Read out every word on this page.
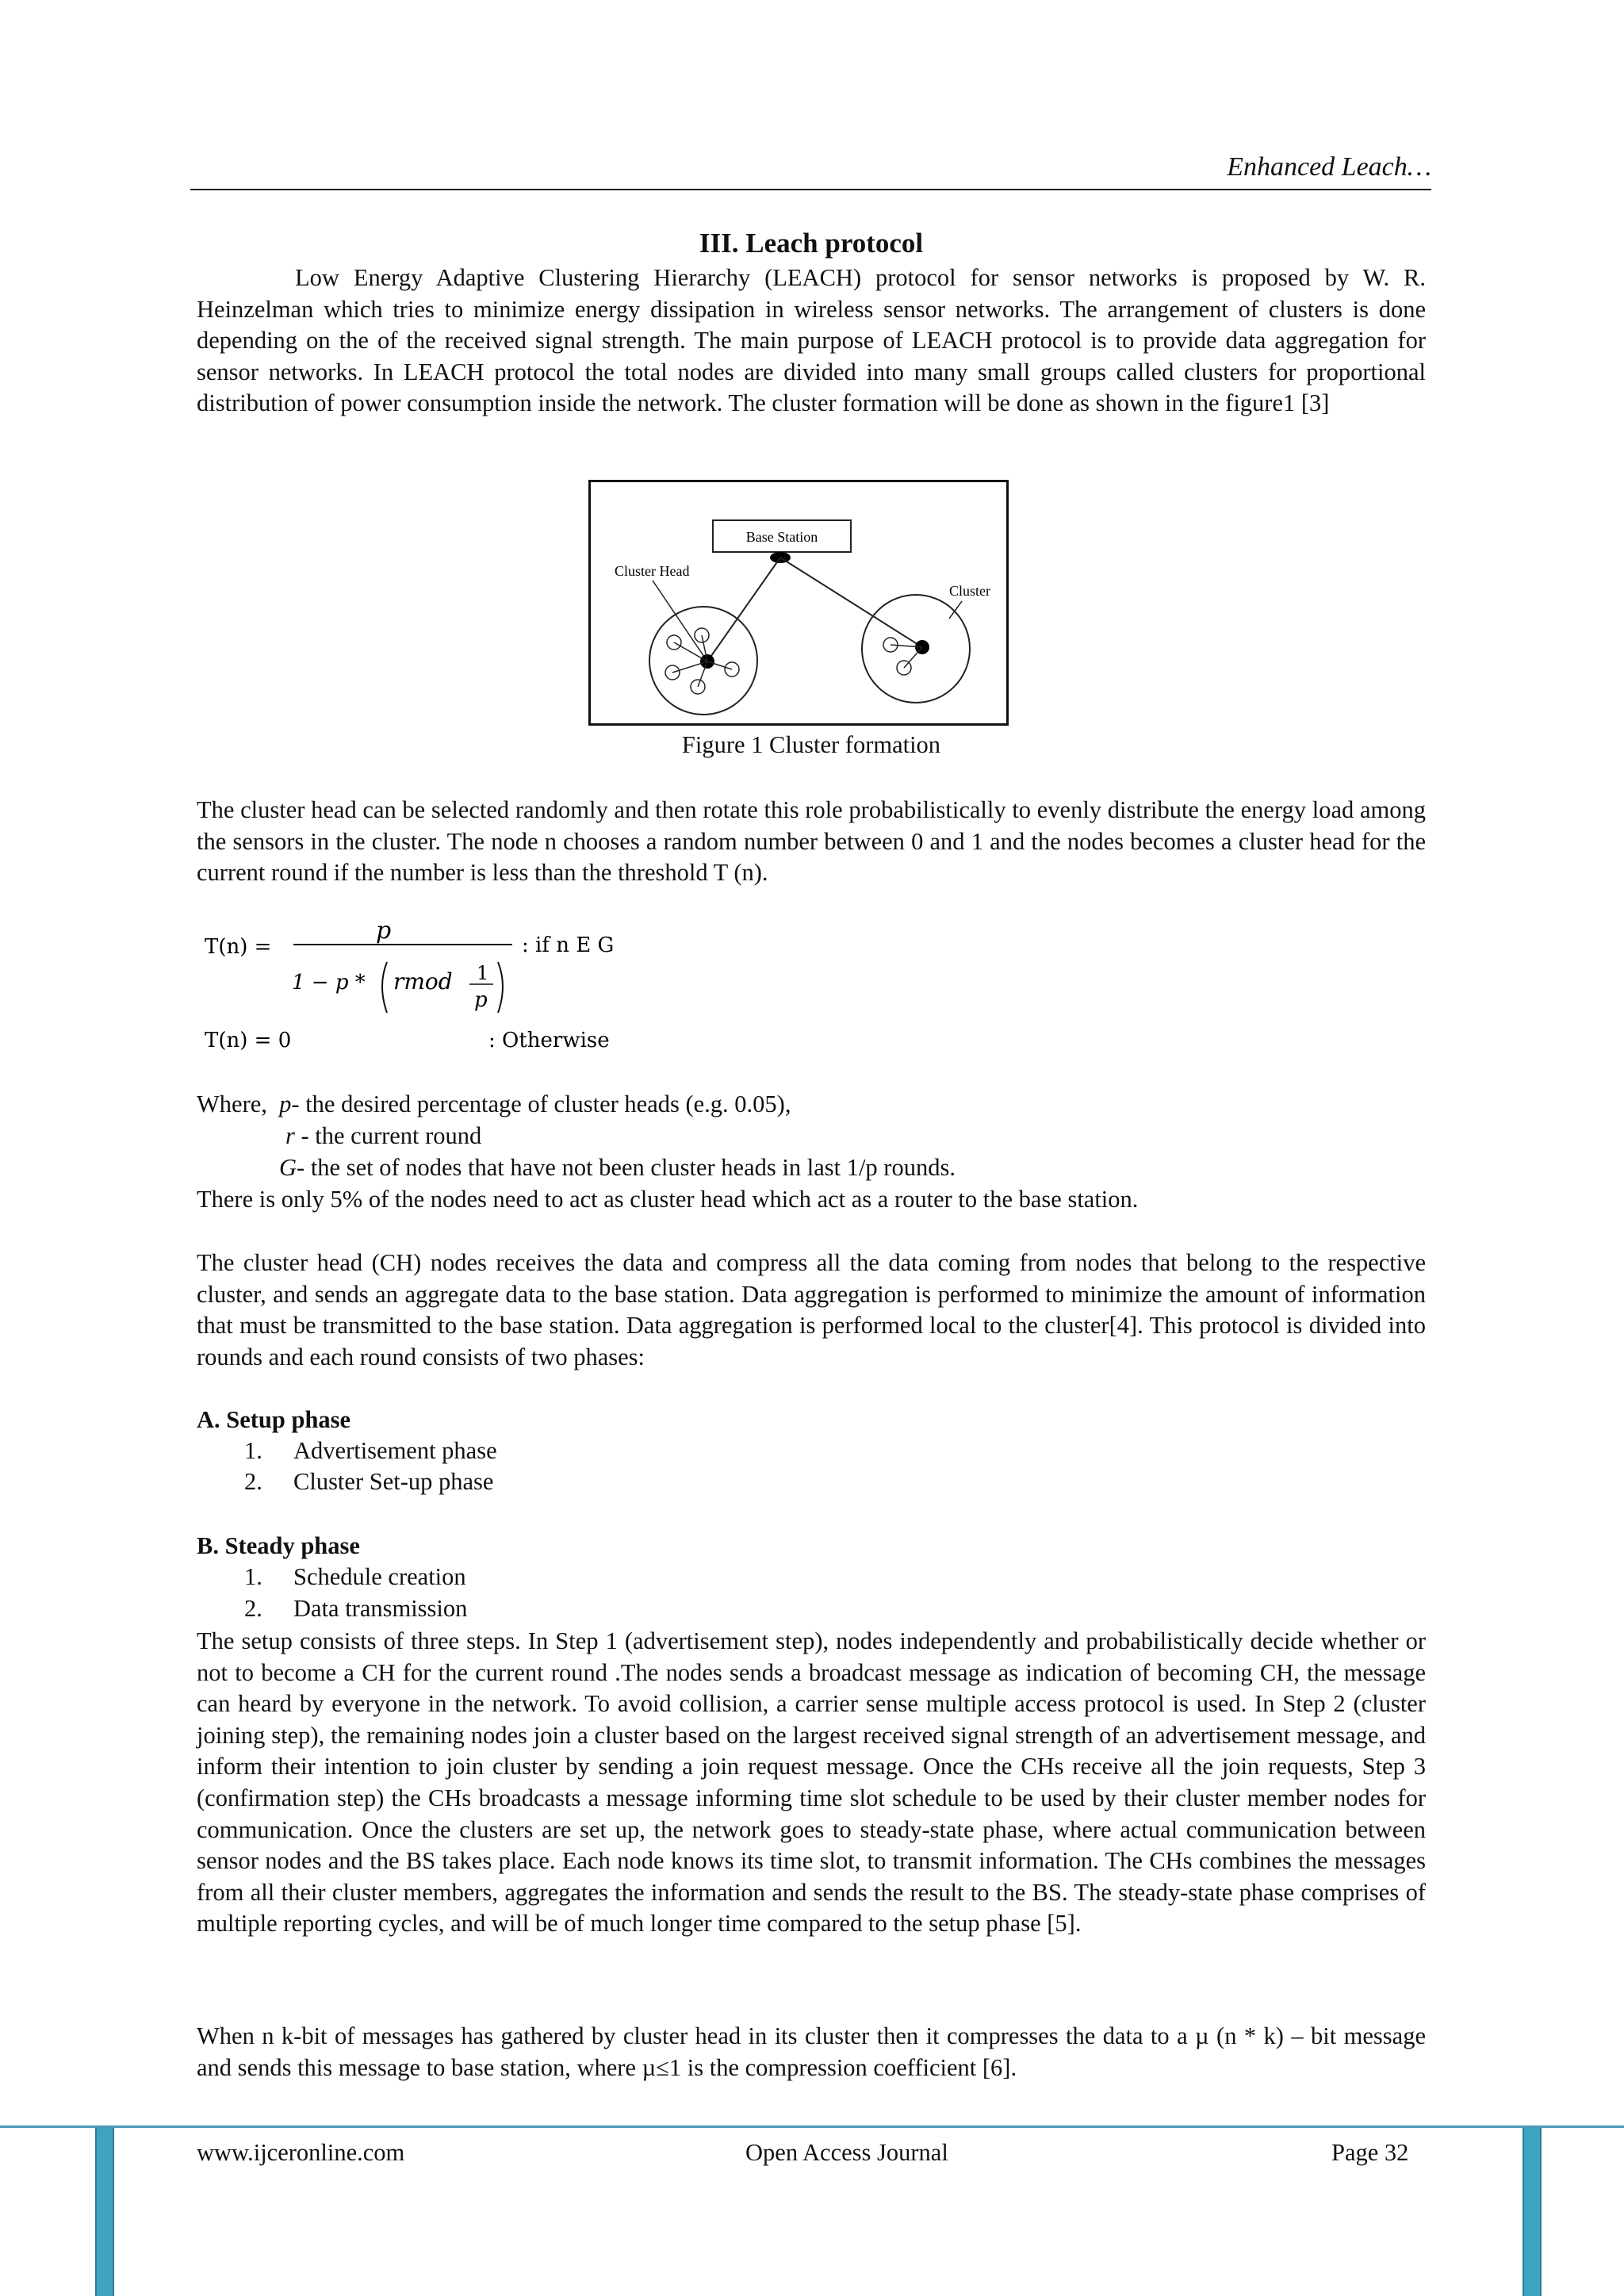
Enhanced Leach…
III. Leach protocol
Low Energy Adaptive Clustering Hierarchy (LEACH) protocol for sensor networks is proposed by W. R. Heinzelman which tries to minimize energy dissipation in wireless sensor networks. The arrangement of clusters is done depending on the of the received signal strength. The main purpose of LEACH protocol is to provide data aggregation for sensor networks. In LEACH protocol the total nodes are divided into many small groups called clusters for proportional distribution of power consumption inside the network. The cluster formation will be done as shown in the figure1 [3]
Base Station
Cluster Head
Cluster
Figure 1 Cluster formation
The cluster head can be selected randomly and then rotate this role probabilistically to evenly distribute the energy load among the sensors in the cluster. The node n chooses a random number between 0 and 1 and the nodes becomes a cluster head for the current round if the number is less than the threshold T (n).
T(n) =
p
1 − p * rmod 1
p
: if n E G
T(n) = 0	: Otherwise
Where, p- the desired percentage of cluster heads (e.g. 0.05),
r - the current round
G- the set of nodes that have not been cluster heads in last 1/p rounds.
There is only 5% of the nodes need to act as cluster head which act as a router to the base station.
The cluster head (CH) nodes receives the data and compress all the data coming from nodes that belong to the respective cluster, and sends an aggregate data to the base station. Data aggregation is performed to minimize the amount of information that must be transmitted to the base station. Data aggregation is performed local to the cluster[4]. This protocol is divided into rounds and each round consists of two phases:
A. Setup phase
1. Advertisement phase
2. Cluster Set-up phase
B. Steady phase
1. Schedule creation
2. Data transmission
The setup consists of three steps. In Step 1 (advertisement step), nodes independently and probabilistically decide whether or not to become a CH for the current round .The nodes sends a broadcast message as indication of becoming CH, the message can heard by everyone in the network. To avoid collision, a carrier sense multiple access protocol is used. In Step 2 (cluster joining step), the remaining nodes join a cluster based on the largest received signal strength of an advertisement message, and inform their intention to join cluster by sending a join request message. Once the CHs receive all the join requests, Step 3 (confirmation step) the CHs broadcasts a message informing time slot schedule to be used by their cluster member nodes for communication. Once the clusters are set up, the network goes to steady-state phase, where actual communication between sensor nodes and the BS takes place. Each node knows its time slot, to transmit information. The CHs combines the messages from all their cluster members, aggregates the information and sends the result to the BS. The steady-state phase comprises of multiple reporting cycles, and will be of much longer time compared to the setup phase [5].
When n k-bit of messages has gathered by cluster head in its cluster then it compresses the data to a µ (n * k) – bit message and sends this message to base station, where µ≤1 is the compression coefficient [6].
www.ijceronline.com	Open Access Journal	Page 32
